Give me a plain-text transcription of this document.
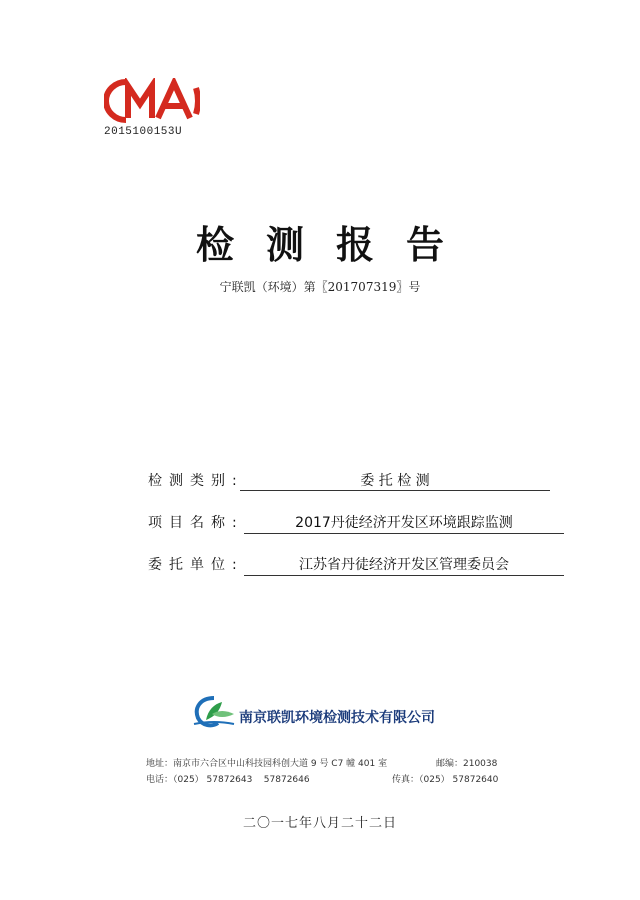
2015100153U
检 测 报 告
宁联凯（环境）第〖201707319〗号
检测类别:	委 托 检 测
项目名称:	2017丹徒经济开发区环境跟踪监测
委托单位:	江苏省丹徒经济开发区管理委员会
南京联凯环境检测技术有限公司
地址：南京市六合区中山科技园科创大道 9 号 C7 幢 401 室	邮编：210038
电话：（025） 57872643    57872646	传真：（025） 57872640
二〇一七年八月二十二日
